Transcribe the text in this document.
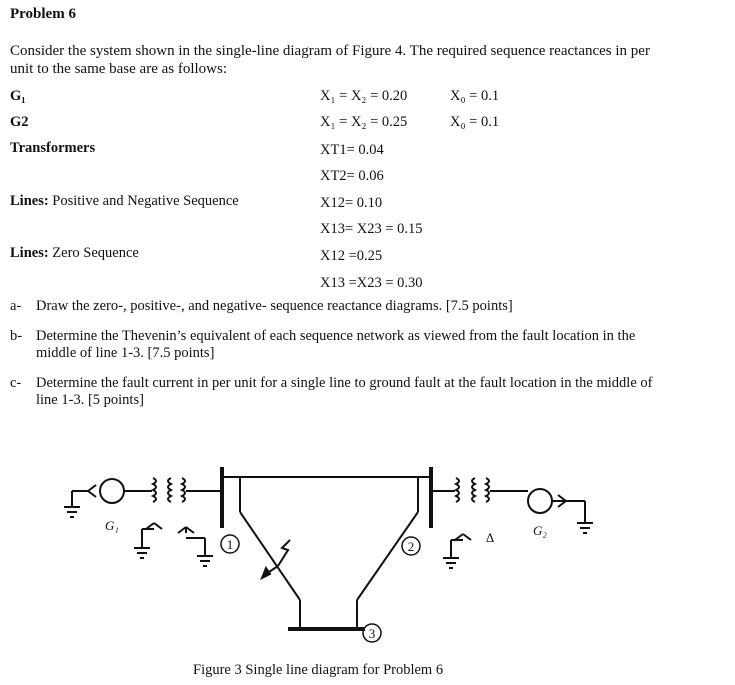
Problem 6
Consider the system shown in the single-line diagram of Figure 4. The required sequence reactances in per unit to the same base are as follows:
G₁	X₁ = X₂ = 0.20	X₀ = 0.1
G2	X₁ = X₂ = 0.25	X₀ = 0.1
Transformers	XT1= 0.04
XT2= 0.06
Lines: Positive and Negative Sequence	X12= 0.10
X13= X23 = 0.15
Lines: Zero Sequence	X12 =0.25
X13 =X23 = 0.30
a- Draw the zero-, positive-, and negative- sequence reactance diagrams. [7.5 points]
b- Determine the Thevenin’s equivalent of each sequence network as viewed from the fault location in the middle of line 1-3. [7.5 points]
c- Determine the fault current in per unit for a single line to ground fault at the fault location in the middle of line 1-3. [5 points]
G₁	G₂
1	2
3
Δ
Figure 3 Single line diagram for Problem 6
